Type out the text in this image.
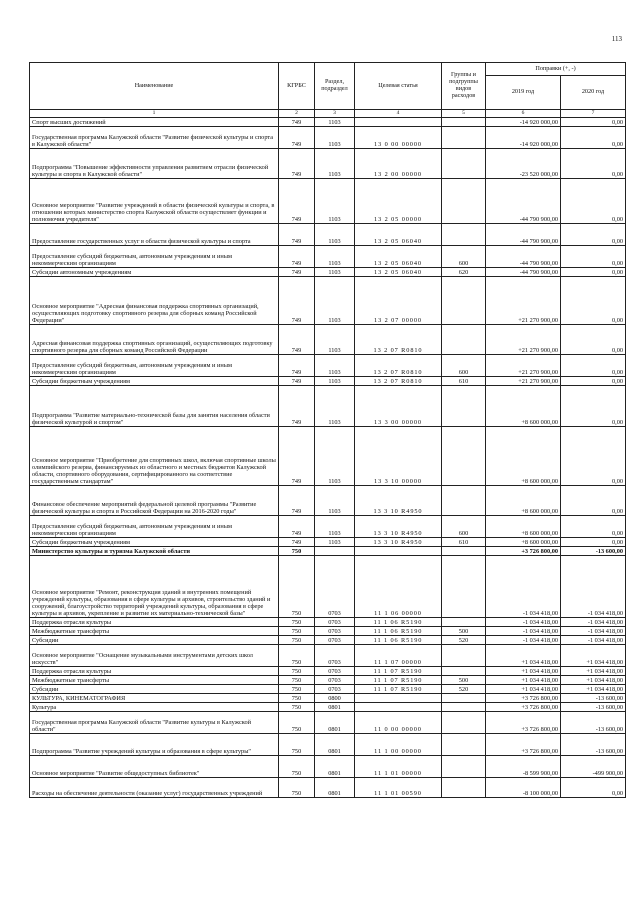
113
Наименование	КГРБС	Раздел, подраздел	Целевая статья	Группы и подгруппы видов расходов	Поправки (+, -)	
					2019 год	2020 год
1	2	3	4	5	6	7
Спорт высших достижений	749	1103			-14 920 000,00	0,00
Государственная программа Калужской области "Развитие физической культуры и спорта в Калужской области"	749	1103	13 0 00 00000		-14 920 000,00	0,00
Подпрограмма "Повышение эффективности управления развитием отрасли физической культуры и спорта в Калужской области"	749	1103	13 2 00 00000		-23 520 000,00	0,00
Основное мероприятие "Развитие учреждений в области физической культуры и спорта, в отношении которых министерство спорта Калужской области осуществляет функции и полномочия учредителя"	749	1103	13 2 05 00000		-44 790 900,00	0,00
Предоставление государственных услуг в области физической культуры и спорта	749	1103	13 2 05 06040		-44 790 900,00	0,00
Предоставление субсидий бюджетным, автономным учреждениям и иным некоммерческим организациям	749	1103	13 2 05 06040	600	-44 790 900,00	0,00
Субсидии автономным учреждениям	749	1103	13 2 05 06040	620	-44 790 900,00	0,00
Основное мероприятие "Адресная финансовая поддержка спортивных организаций, осуществляющих подготовку спортивного резерва для сборных команд Российской Федерации"	749	1103	13 2 07 00000		+21 270 900,00	0,00
Адресная финансовая поддержка спортивных организаций, осуществляющих подготовку спортивного резерва для сборных команд Российской Федерации	749	1103	13 2 07 R0810		+21 270 900,00	0,00
Предоставление субсидий бюджетным, автономным учреждениям и иным некоммерческим организациям	749	1103	13 2 07 R0810	600	+21 270 900,00	0,00
Субсидии бюджетным учреждениям	749	1103	13 2 07 R0810	610	+21 270 900,00	0,00
Подпрограмма "Развитие материально-технической базы для занятия населения области физической культурой и спортом"	749	1103	13 3 00 00000		+8 600 000,00	0,00
Основное мероприятие "Приобретение для спортивных школ, включая спортивные школы олимпийского резерва, финансируемых из областного и местных бюджетов Калужской области, спортивного оборудования, сертифицированного на соответствие государственным стандартам"	749	1103	13 3 10 00000		+8 600 000,00	0,00
Финансовое обеспечение мероприятий федеральной целевой программы "Развитие физической культуры и спорта в Российской Федерации на 2016-2020 годы"	749	1103	13 3 10 R4950		+8 600 000,00	0,00
Предоставление субсидий бюджетным, автономным учреждениям и иным некоммерческим организациям	749	1103	13 3 10 R4950	600	+8 600 000,00	0,00
Субсидии бюджетным учреждениям	749	1103	13 3 10 R4950	610	+8 600 000,00	0,00
Министерство культуры и туризма Калужской области	750				+3 726 800,00	-13 600,00
Основное мероприятие "Ремонт, реконструкция зданий и внутренних помещений учреждений культуры, образования в сфере культуры и архивов, строительство зданий и сооружений, благоустройство территорий учреждений культуры, образования в сфере культуры и архивов, укрепление и развитие их материально-технической базы"	750	0703	11 1 06 00000		-1 034 418,00	-1 034 418,00
Поддержка отрасли культуры	750	0703	11 1 06 R5190		-1 034 418,00	-1 034 418,00
Межбюджетные трансферты	750	0703	11 1 06 R5190	500	-1 034 418,00	-1 034 418,00
Субсидии	750	0703	11 1 06 R5190	520	-1 034 418,00	-1 034 418,00
Основное мероприятие "Оснащение музыкальными инструментами детских школ искусств"	750	0703	11 1 07 00000		+1 034 418,00	+1 034 418,00
Поддержка отрасли культуры	750	0703	11 1 07 R5190		+1 034 418,00	+1 034 418,00
Межбюджетные трансферты	750	0703	11 1 07 R5190	500	+1 034 418,00	+1 034 418,00
Субсидии	750	0703	11 1 07 R5190	520	+1 034 418,00	+1 034 418,00
КУЛЬТУРА, КИНЕМАТОГРАФИЯ	750	0800			+3 726 800,00	-13 600,00
Культура	750	0801			+3 726 800,00	-13 600,00
Государственная программа Калужской области "Развитие культуры в Калужской области"	750	0801	11 0 00 00000		+3 726 800,00	-13 600,00
Подпрограмма "Развитие учреждений культуры и образования в сфере культуры"	750	0801	11 1 00 00000		+3 726 800,00	-13 600,00
Основное мероприятие "Развитие общедоступных библиотек"	750	0801	11 1 01 00000		-8 599 900,00	-499 900,00
Расходы на обеспечение деятельности (оказание услуг) государственных учреждений	750	0801	11 1 01 00590		-8 100 000,00	0,00
